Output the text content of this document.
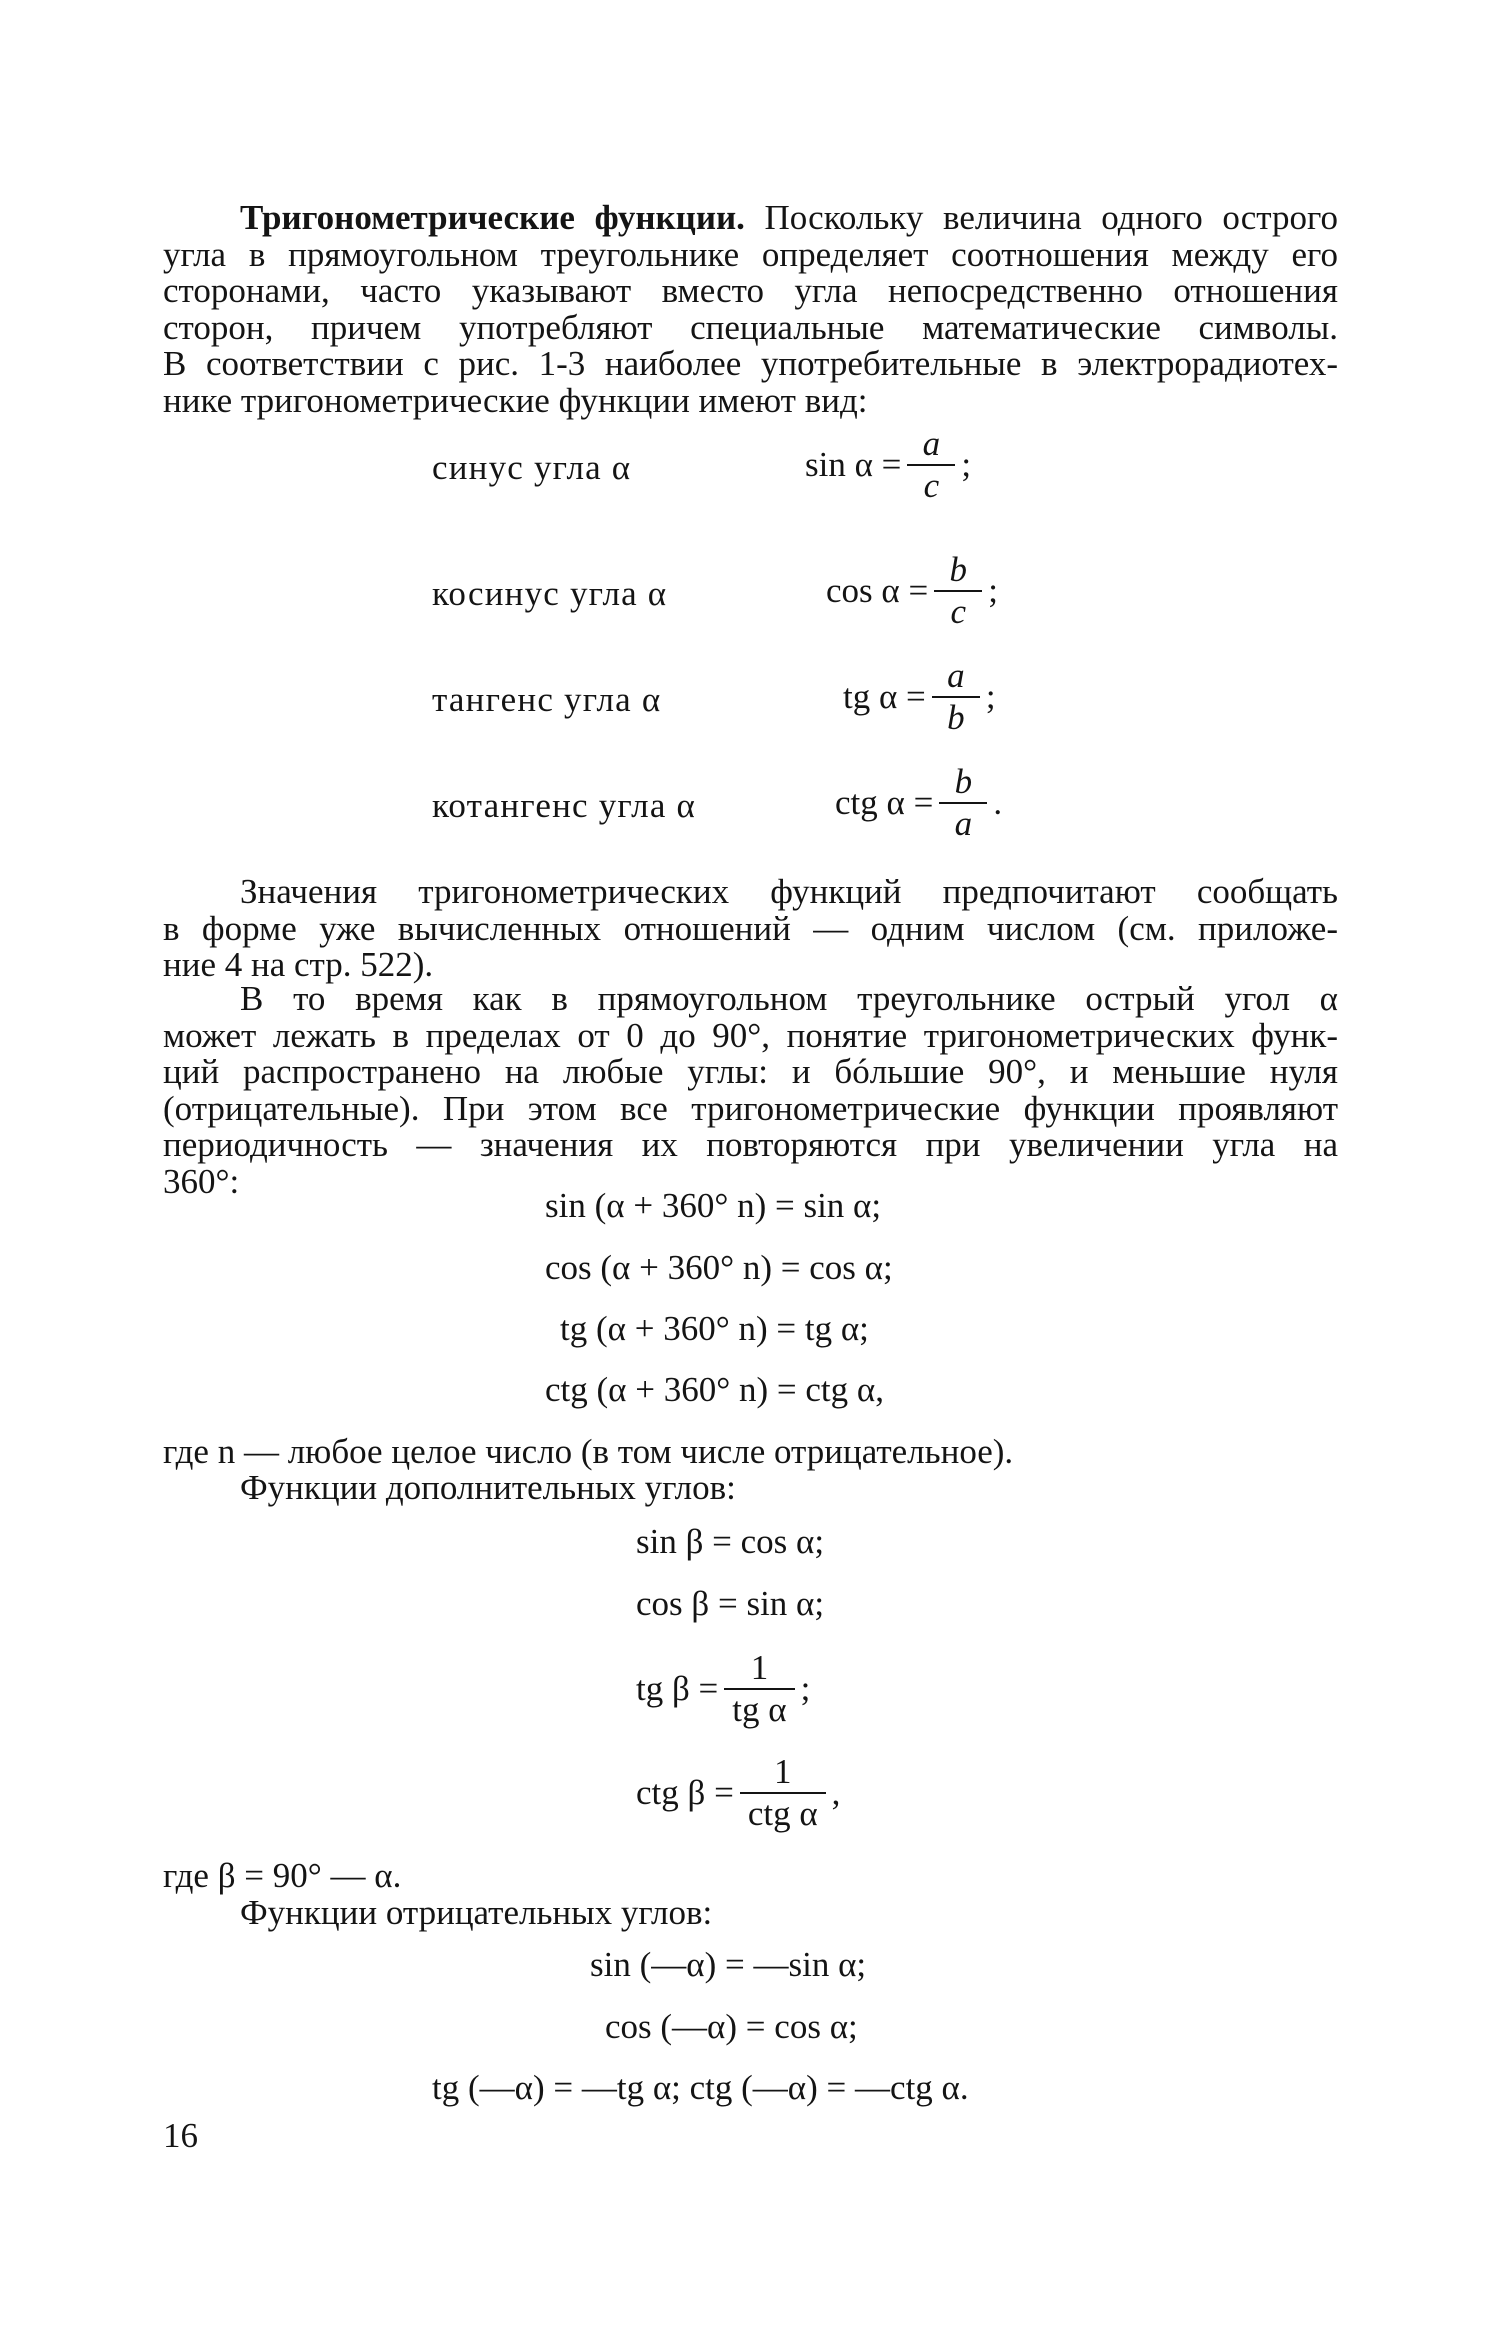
Тригонометрические функции. Поскольку величина одного острого
угла в прямоугольном треугольнике определяет соотношения между его
сторонами, часто указывают вместо угла непосредственно отношения
сторон, причем употребляют специальные математические символы.
В соответствии с рис. 1-3 наиболее употребительные в электрорадиотех-
нике тригонометрические функции имеют вид:
синус угла α	$\sin \alpha = \frac{a}{c}$ ;
косинус угла α	$\cos \alpha = \frac{b}{c}$ ;
тангенс угла α	tg $\alpha = \frac{a}{b}$ ;
котангенс угла α	ctg $\alpha = \frac{b}{a}$ .
Значения тригонометрических функций предпочитают сообщать
в форме уже вычисленных отношений — одним числом (см. приложе-
ние 4 на стр. 522).
В то время как в прямоугольном треугольнике острый угол α
может лежать в пределах от 0 до 90°, понятие тригонометрических функ-
ций распространено на любые углы: и бóльшие 90°, и меньшие нуля
(отрицательные). При этом все тригонометрические функции проявляют
периодичность — значения их повторяются при увеличении угла на
360°:
sin (α + 360° n) = sin α;
cos (α + 360° n) = cos α;
tg (α + 360° n) = tg α;
ctg (α + 360° n) = ctg α,
где n — любое целое число (в том числе отрицательное).
Функции дополнительных углов:
sin β = cos α;
cos β = sin α;
tg $\beta = \frac{1}{\text{tg α}}$ ;
ctg $\beta = \frac{1}{\text{ctg α}}$ ,
где β = 90° — α.
Функции отрицательных углов:
sin (—α) = —sin α;
cos (—α) = cos α;
tg (—α) = —tg α; ctg (—α) = —ctg α.
16
